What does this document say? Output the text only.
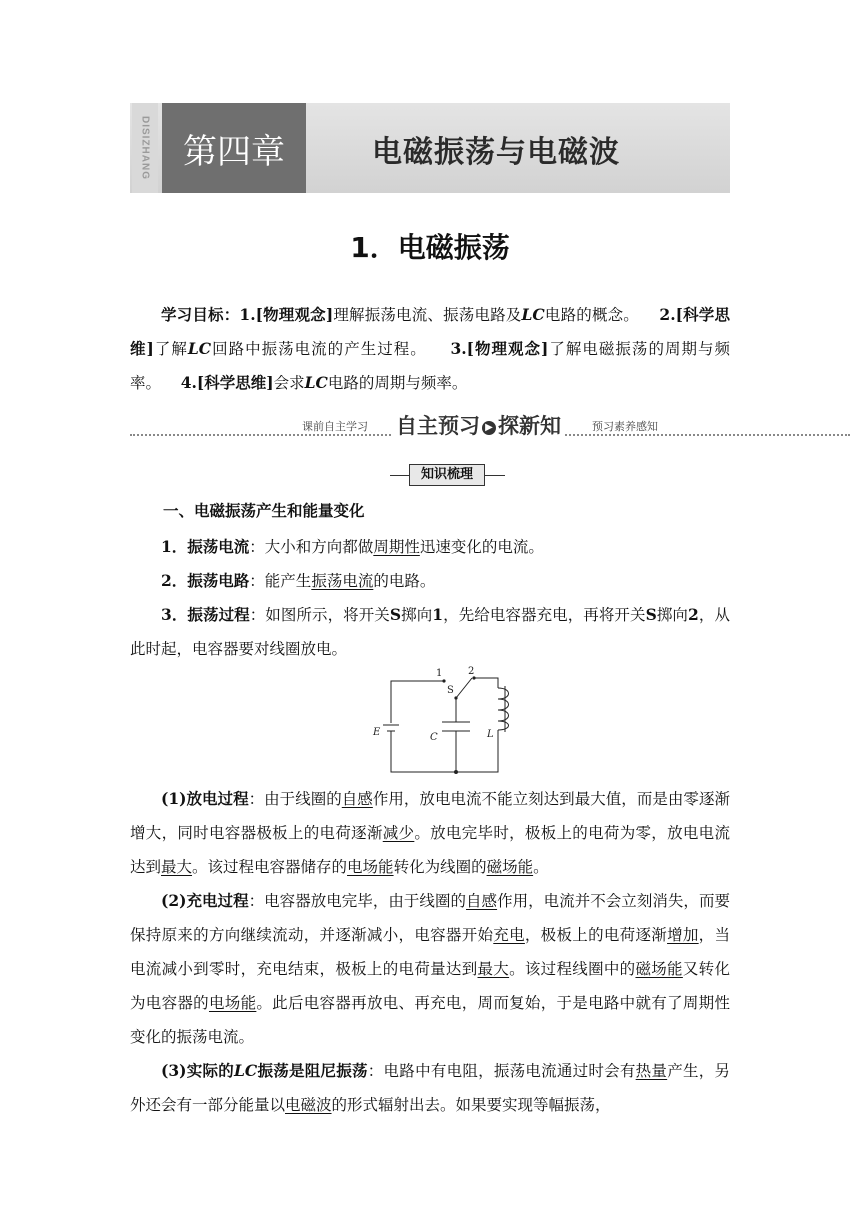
DISIZHANG 第四章	电磁振荡与电磁波
1．电磁振荡
学习目标：1.[物理观念]理解振荡电流、振荡电路及LC电路的概念。 2.[科学思维]了解LC回路中振荡电流的产生过程。 3.[物理观念]了解电磁振荡的周期与频率。 4.[科学思维]会求LC电路的周期与频率。
课前自主学习 自主预习 ▶ 探新知	预习素养感知
知识梳理
一、电磁振荡产生和能量变化
1．振荡电流：大小和方向都做周期性迅速变化的电流。
2．振荡电路：能产生振荡电流的电路。
3．振荡过程：如图所示，将开关S掷向1，先给电容器充电，再将开关S掷向2，从此时起，电容器要对线圈放电。
E	C	L
S
1	2
(1)放电过程：由于线圈的自感作用，放电电流不能立刻达到最大值，而是由零逐渐增大，同时电容器极板上的电荷逐渐减少。放电完毕时，极板上的电荷为零，放电电流达到最大。该过程电容器储存的电场能转化为线圈的磁场能。
(2)充电过程：电容器放电完毕，由于线圈的自感作用，电流并不会立刻消失，而要保持原来的方向继续流动，并逐渐减小，电容器开始充电，极板上的电荷逐渐增加，当电流减小到零时，充电结束，极板上的电荷量达到最大。该过程线圈中的磁场能又转化为电容器的电场能。此后电容器再放电、再充电，周而复始，于是电路中就有了周期性变化的振荡电流。
(3)实际的LC振荡是阻尼振荡：电路中有电阻，振荡电流通过时会有热量产生，另外还会有一部分能量以电磁波的形式辐射出去。如果要实现等幅振荡，
